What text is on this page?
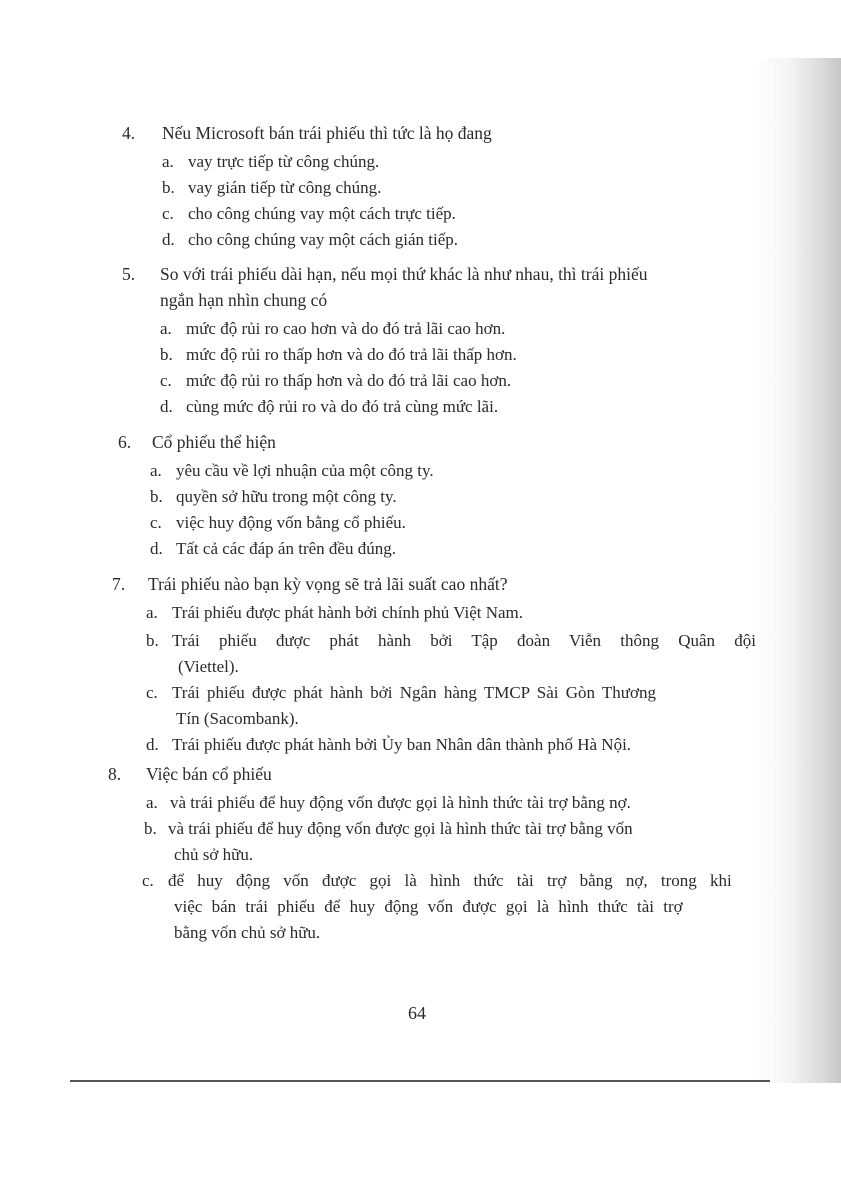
4. Nếu Microsoft bán trái phiếu thì tức là họ đang
a. vay trực tiếp từ công chúng.
b. vay gián tiếp từ công chúng.
c. cho công chúng vay một cách trực tiếp.
d. cho công chúng vay một cách gián tiếp.
5. So với trái phiếu dài hạn, nếu mọi thứ khác là như nhau, thì trái phiếu
ngắn hạn nhìn chung có
a. mức độ rủi ro cao hơn và do đó trả lãi cao hơn.
b. mức độ rủi ro thấp hơn và do đó trả lãi thấp hơn.
c. mức độ rủi ro thấp hơn và do đó trả lãi cao hơn.
d. cùng mức độ rủi ro và do đó trả cùng mức lãi.
6. Cổ phiếu thể hiện
a. yêu cầu về lợi nhuận của một công ty.
b. quyền sở hữu trong một công ty.
c. việc huy động vốn bằng cổ phiếu.
d. Tất cả các đáp án trên đều đúng.
7. Trái phiếu nào bạn kỳ vọng sẽ trả lãi suất cao nhất?
a. Trái phiếu được phát hành bởi chính phủ Việt Nam.
b. Trái phiếu được phát hành bởi Tập đoàn Viễn thông Quân đội
(Viettel).
c. Trái phiếu được phát hành bởi Ngân hàng TMCP Sài Gòn Thương
Tín (Sacombank).
d. Trái phiếu được phát hành bởi Ủy ban Nhân dân thành phố Hà Nội.
8. Việc bán cổ phiếu
a. và trái phiếu để huy động vốn được gọi là hình thức tài trợ bằng nợ.
b. và trái phiếu để huy động vốn được gọi là hình thức tài trợ bằng vốn
chủ sở hữu.
c. để huy động vốn được gọi là hình thức tài trợ bằng nợ, trong khi
việc bán trái phiếu để huy động vốn được gọi là hình thức tài trợ
bằng vốn chủ sở hữu.
64
